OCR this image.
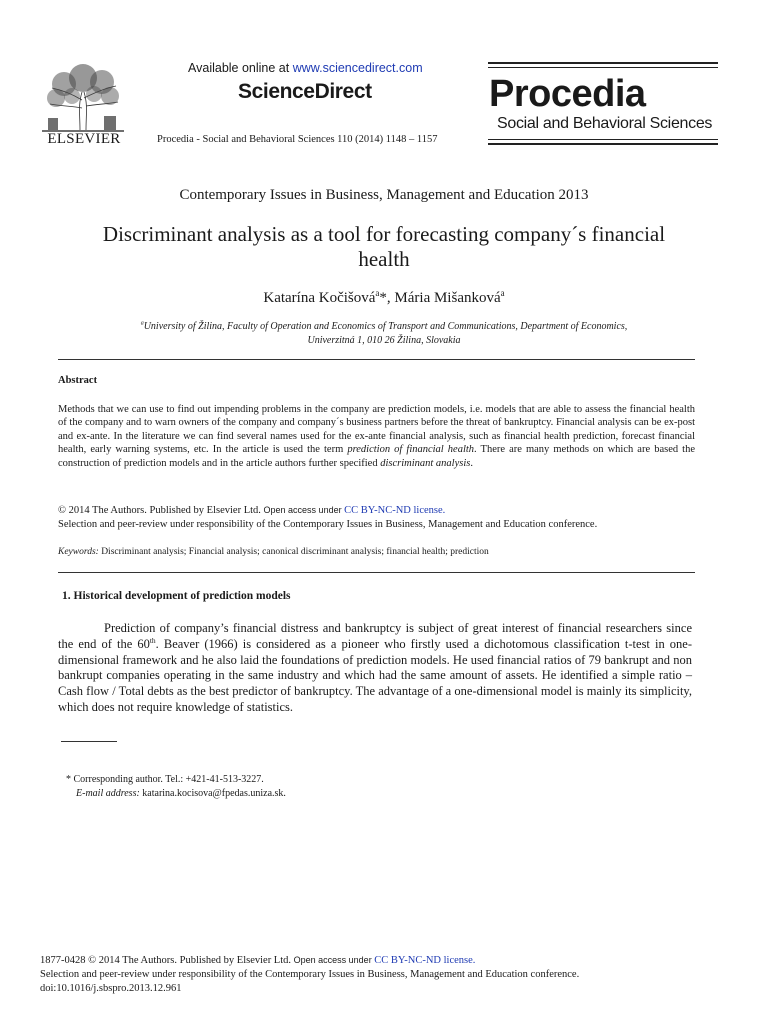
ELSEVIER
Available online at www.sciencedirect.com
ScienceDirect
Procedia - Social and Behavioral Sciences 110 (2014) 1148 – 1157
Procedia
Social and Behavioral Sciences
Contemporary Issues in Business, Management and Education 2013
Discriminant analysis as a tool for forecasting company´s financial
health
Katarína Kočišová$^a$*, Mária Mišanková$^a$
$^a$University of Žilina, Faculty of Operation and Economics of Transport and Communications, Department of Economics,
Univerzitná 1, 010 26 Žilina, Slovakia
Abstract
Methods that we can use to find out impending problems in the company are prediction models, i.e. models that are able to assess the financial health of the company and to warn owners of the company and company´s business partners before the threat of bankruptcy. Financial analysis can be ex-post and ex-ante. In the literature we can find several names used for the ex-ante financial analysis, such as financial health prediction, forecast financial health, early warning systems, etc. In the article is used the term prediction of financial health. There are many methods on which are based the construction of prediction models and in the article authors further specified discriminant analysis.
© 2014 The Authors. Published by Elsevier Ltd. Open access under CC BY-NC-ND license.
Selection and peer-review under responsibility of the Contemporary Issues in Business, Management and Education conference.
Keywords: Discriminant analysis; Financial analysis; canonical discriminant analysis; financial health; prediction
1. Historical development of prediction models
Prediction of company’s financial distress and bankruptcy is subject of great interest of financial researchers since the end of the 60th. Beaver (1966) is considered as a pioneer who firstly used a dichotomous classification t-test in one-dimensional framework and he also laid the foundations of prediction models. He used financial ratios of 79 bankrupt and non bankrupt companies operating in the same industry and which had the same amount of assets. He identified a simple ratio – Cash flow / Total debts as the best predictor of bankruptcy. The advantage of a one-dimensional model is mainly its simplicity, which does not require knowledge of statistics.
* Corresponding author. Tel.: +421-41-513-3227.
E-mail address: katarina.kocisova@fpedas.uniza.sk.
1877-0428 © 2014 The Authors. Published by Elsevier Ltd. Open access under CC BY-NC-ND license.
Selection and peer-review under responsibility of the Contemporary Issues in Business, Management and Education conference.
doi:10.1016/j.sbspro.2013.12.961
